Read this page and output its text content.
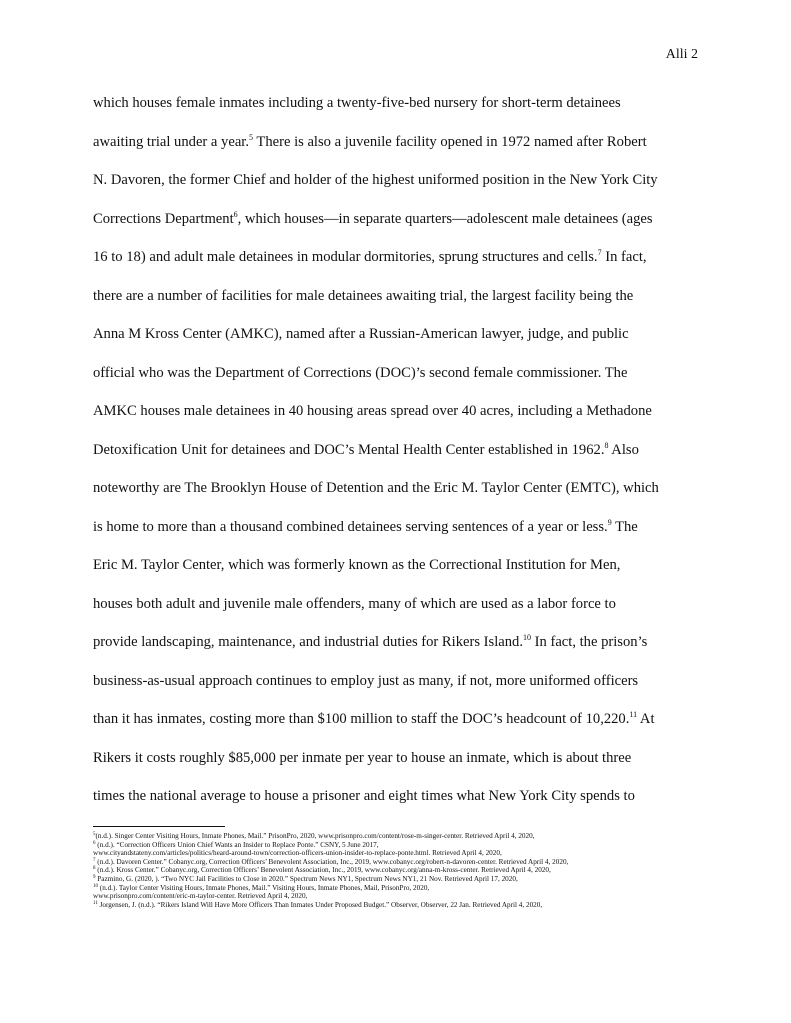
Alli 2
which houses female inmates including a twenty-five-bed nursery for short-term detainees
awaiting trial under a year.$^5$ There is also a juvenile facility opened in 1972 named after Robert
N. Davoren, the former Chief and holder of the highest uniformed position in the New York City
Corrections Department$^6$, which houses—in separate quarters—adolescent male detainees (ages
16 to 18) and adult male detainees in modular dormitories, sprung structures and cells.$^7$ In fact,
there are a number of facilities for male detainees awaiting trial, the largest facility being the
Anna M Kross Center (AMKC), named after a Russian-American lawyer, judge, and public
official who was the Department of Corrections (DOC)’s second female commissioner. The
AMKC houses male detainees in 40 housing areas spread over 40 acres, including a Methadone
Detoxification Unit for detainees and DOC’s Mental Health Center established in 1962.$^8$ Also
noteworthy are The Brooklyn House of Detention and the Eric M. Taylor Center (EMTC), which
is home to more than a thousand combined detainees serving sentences of a year or less.$^9$ The
Eric M. Taylor Center, which was formerly known as the Correctional Institution for Men,
houses both adult and juvenile male offenders, many of which are used as a labor force to
provide landscaping, maintenance, and industrial duties for Rikers Island.$^{10}$ In fact, the prison’s
business-as-usual approach continues to employ just as many, if not, more uniformed officers
than it has inmates, costing more than $100 million to staff the DOC’s headcount of 10,220.11 At
Rikers it costs roughly $85,000 per inmate per year to house an inmate, which is about three
times the national average to house a prisoner and eight times what New York City spends to
$^5$(n.d.). Singer Center Visiting Hours, Inmate Phones, Mail.” PrisonPro, 2020, www.prisonpro.com/content/rose-m-singer-center. Retrieved April 4, 2020,
$^6$ (n.d.). “Correction Officers Union Chief Wants an Insider to Replace Ponte.” CSNY, 5 June 2017,
www.cityandstateny.com/articles/politics/heard-around-town/correction-officers-union-insider-to-replace-ponte.html. Retrieved April 4, 2020,
$^7$ (n.d.). Davoren Center.” Cobanyc.org, Correction Officers’ Benevolent Association, Inc., 2019, www.cobanyc.org/robert-n-davoren-center. Retrieved April 4, 2020,
$^8$ (n.d.). Kross Center.” Cobanyc.org, Correction Officers’ Benevolent Association, Inc., 2019, www.cobanyc.org/anna-m-kross-center. Retrieved April 4, 2020,
$^9$ Pazmino, G. (2020, ). “Two NYC Jail Facilities to Close in 2020.” Spectrum News NY1, Spectrum News NY1, 21 Nov. Retrieved April 17, 2020,
$^{10}$ (n.d.). Taylor Center Visiting Hours, Inmate Phones, Mail.” Visiting Hours, Inmate Phones, Mail, PrisonPro, 2020,
www.prisonpro.com/content/eric-m-taylor-center. Retrieved April 4, 2020,
$^{11}$ Jorgensen, J. (n.d.). “Rikers Island Will Have More Officers Than Inmates Under Proposed Budget.” Observer, Observer, 22 Jan. Retrieved April 4, 2020,
